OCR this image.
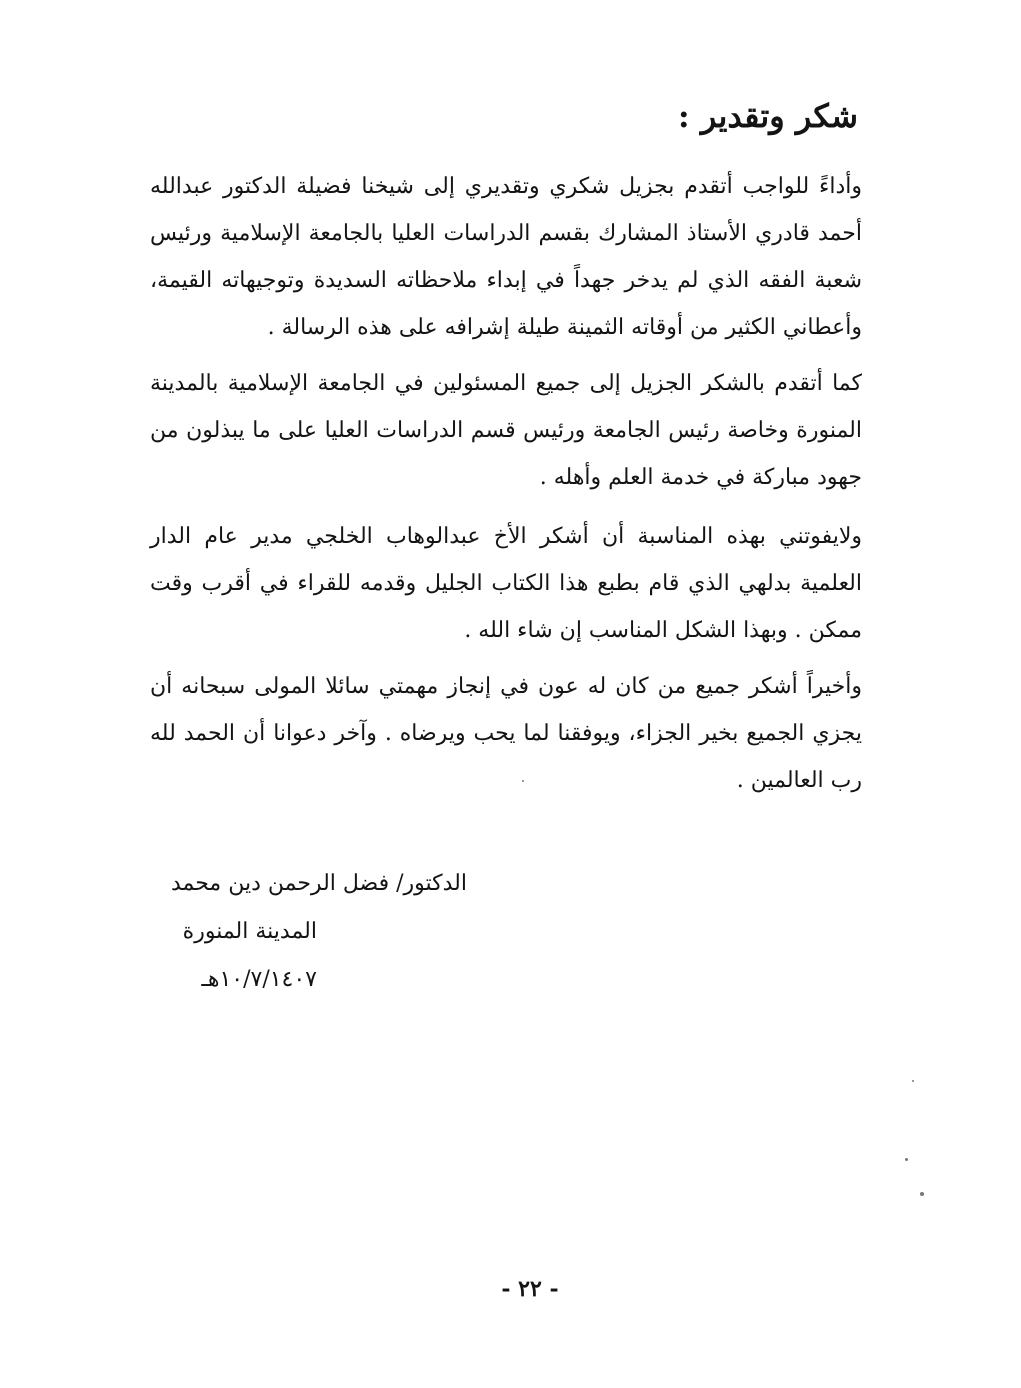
شكر وتقدير :
وأداءً للواجب أتقدم بجزيل شكري وتقديري إلى شيخنا فضيلة الدكتور عبدالله أحمد قادري الأستاذ المشارك بقسم الدراسات العليا بالجامعة الإسلامية ورئيس شعبة الفقه الذي لم يدخر جهداً في إبداء ملاحظاته السديدة وتوجيهاته القيمة، وأعطاني الكثير من أوقاته الثمينة طيلة إشرافه على هذه الرسالة .
كما أتقدم بالشكر الجزيل إلى جميع المسئولين في الجامعة الإسلامية بالمدينة المنورة وخاصة رئيس الجامعة ورئيس قسم الدراسات العليا على ما يبذلون من جهود مباركة في خدمة العلم وأهله .
ولايفوتني بهذه المناسبة أن أشكر الأخ عبدالوهاب الخلجي مدير عام الدار العلمية بدلهي الذي قام بطبع هذا الكتاب الجليل وقدمه للقراء في أقرب وقت ممكن . وبهذا الشكل المناسب إن شاء الله .
وأخيراً أشكر جميع من كان له عون في إنجاز مهمتي سائلا المولى سبحانه أن يجزي الجميع بخير الجزاء، ويوفقنا لما يحب ويرضاه . وآخر دعوانا أن الحمد لله رب العالمين .
الدكتور/ فضل الرحمن دين محمد
المدينة المنورة
١٠/٧/١٤٠٧هـ
- ٢٢ -
